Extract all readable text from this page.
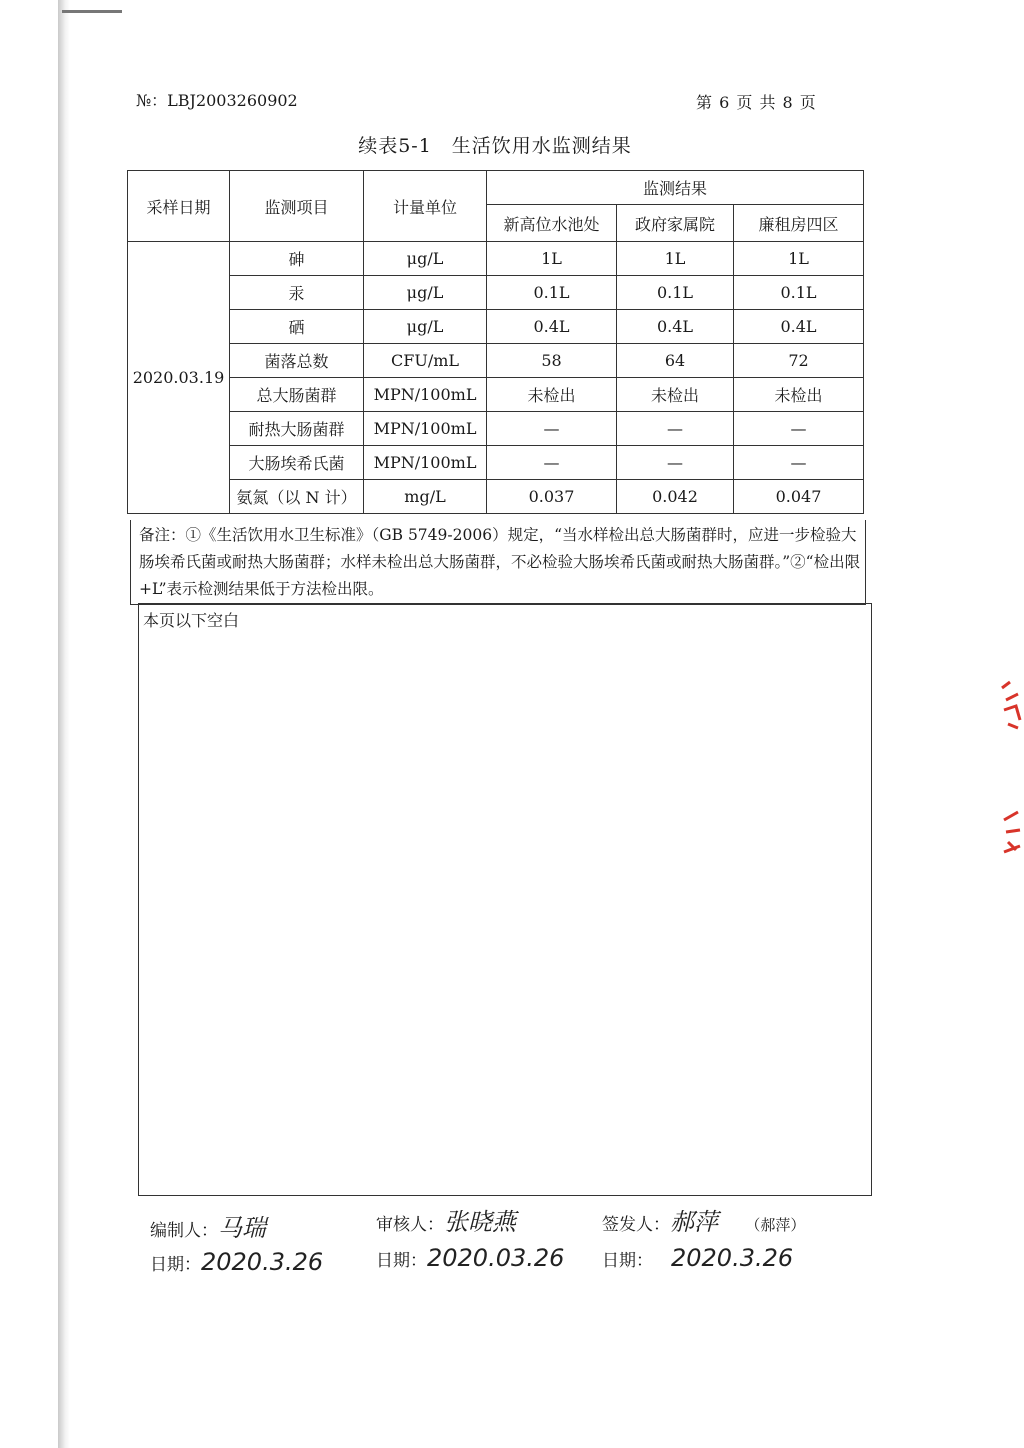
№：LBJ2003260902	第 6 页 共 8 页
续表5-1　生活饮用水监测结果
采样日期	监测项目	计量单位	监测结果		
			新高位水池处	政府家属院	廉租房四区
2020.03.19	砷	μg/L	1L	1L	1L
	汞	μg/L	0.1L	0.1L	0.1L
	硒	μg/L	0.4L	0.4L	0.4L
	菌落总数	CFU/mL	58	64	72
	总大肠菌群	MPN/100mL	未检出	未检出	未检出
	耐热大肠菌群	MPN/100mL	—	—	—
	大肠埃希氏菌	MPN/100mL	—	—	—
	氨氮（以 N 计）	mg/L	0.037	0.042	0.047
备注：①《生活饮用水卫生标准》（GB 5749-2006）规定，“当水样检出总大肠菌群时，应进一步检验大肠埃希氏菌或耐热大肠菌群；水样未检出总大肠菌群，不必检验大肠埃希氏菌或耐热大肠菌群。”②“检出限+L”表示检测结果低于方法检出限。
本页以下空白
编制人：马瑞
日期：2020.3.26
审核人：张晓燕
日期：2020.03.26
签发人：郝萍 （郝萍）
日期： 2020.3.26
